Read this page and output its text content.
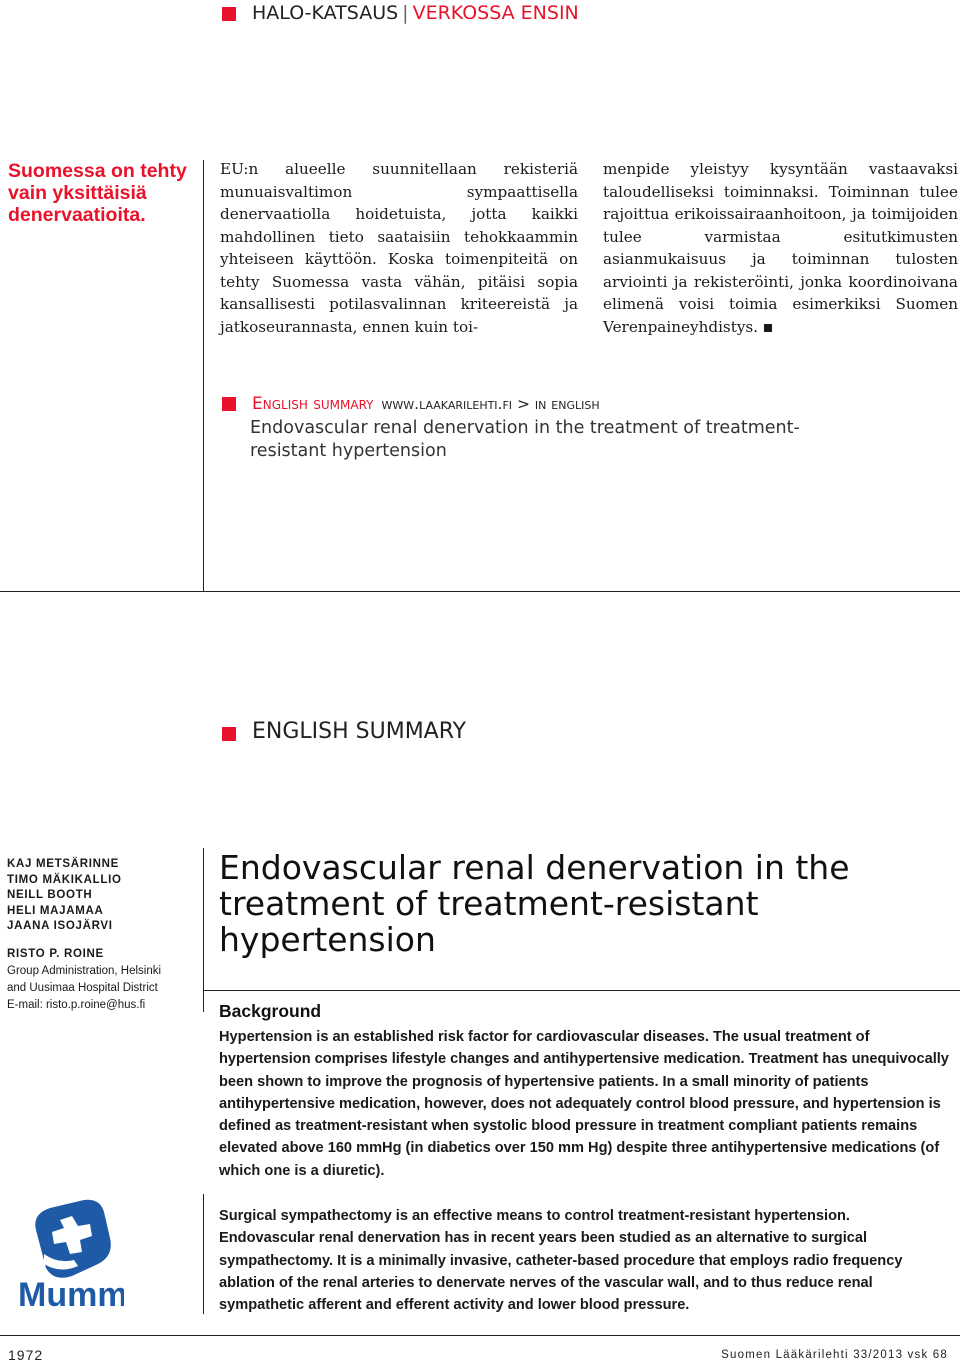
HALO-KATSAUS | VERKOSSA ENSIN
Suomessa on tehty vain yksittäisiä denervaatioita.
EU:n alueelle suunnitellaan rekisteriä munuaisvaltimon sympaattisella denervaatiolla hoidetuista, jotta kaikki mahdollinen tieto saataisiin tehokkaammin yhteiseen käyttöön. Koska toimenpiteitä on tehty Suomessa vasta vähän, pitäisi sopia kansallisesti potilasvalinnan kriteereistä ja jatkoseurannasta, ennen kuin toi-
menpide yleistyy kysyntään vastaavaksi taloudelliseksi toiminnaksi. Toiminnan tulee rajoittua erikoissairaanhoitoon, ja toimijoiden tulee varmistaa esitutkimusten asianmukaisuus ja toiminnan tulosten arviointi ja rekisteröinti, jonka koordinoivana elimenä voisi toimia esimerkiksi Suomen Verenpaineyhdistys.
English summary www.laakarilehti.fi > in english
Endovascular renal denervation in the treatment of treatment-resistant hypertension
ENGLISH SUMMARY
KAJ METSÄRINNE
TIMO MÄKIKALLIO
NEILL BOOTH
HELI MAJAMAA
JAANA ISOJÄRVI
RISTO P. ROINE
Group Administration, Helsinki
and Uusimaa Hospital District
E-mail: risto.p.roine@hus.fi
Endovascular renal denervation in the treatment of treatment-resistant hypertension
Background
Hypertension is an established risk factor for cardiovascular diseases. The usual treatment of hypertension comprises lifestyle changes and antihypertensive medication. Treatment has unequivocally been shown to improve the prognosis of hypertensive patients. In a small minority of patients antihypertensive medication, however, does not adequately control blood pressure, and hypertension is defined as treatment-resistant when systolic blood pressure in treatment compliant patients remains elevated above 160 mmHg (in diabetics over 150 mm Hg) despite three antihypertensive medications (of which one is a diuretic).
Surgical sympathectomy is an effective means to control treatment-resistant hypertension. Endovascular renal denervation has in recent years been studied as an alternative to surgical sympathectomy. It is a minimally invasive, catheter-based procedure that employs radio frequency ablation of the renal arteries to denervate nerves of the vascular wall, and to thus reduce renal sympathetic afferent and efferent activity and lower blood pressure.
Mumm
1972	Suomen Lääkärilehti 33/2013 vsk 68
